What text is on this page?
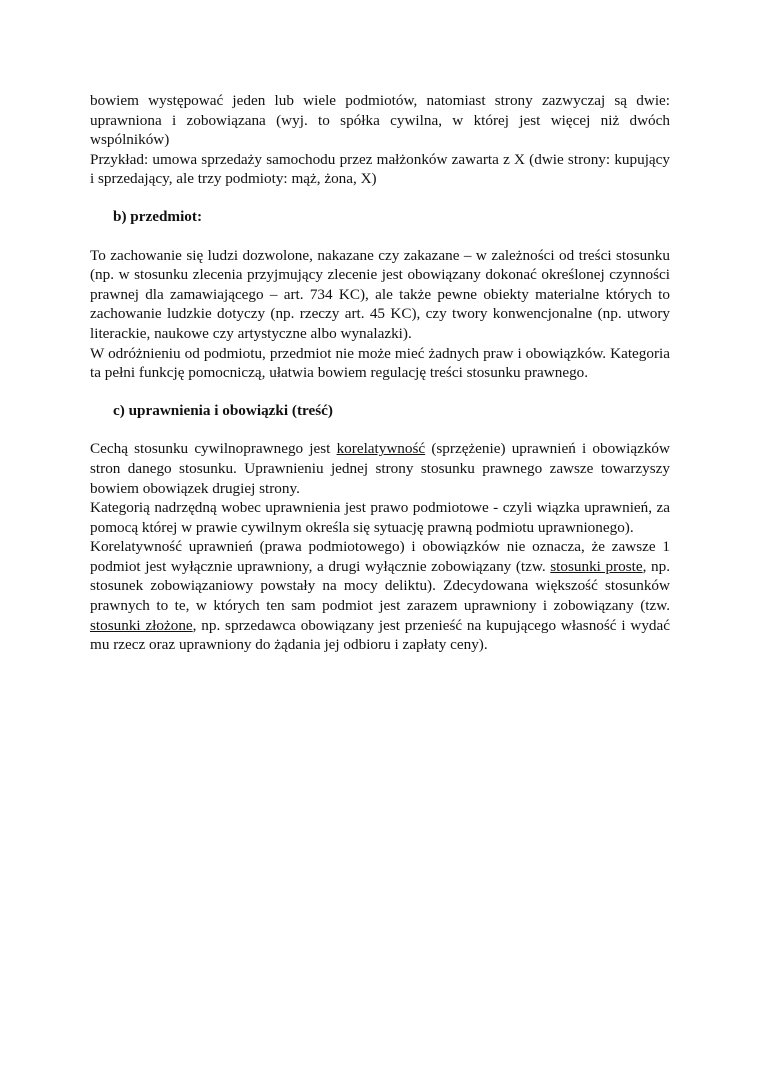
bowiem występować jeden lub wiele podmiotów, natomiast strony zazwyczaj są dwie: uprawniona i zobowiązana (wyj. to spółka cywilna, w której jest więcej niż dwóch wspólników)

Przykład: umowa sprzedaży samochodu przez małżonków zawarta z X (dwie strony: kupujący i sprzedający, ale trzy podmioty: mąż, żona, X)

b) przedmiot:

To zachowanie się ludzi dozwolone, nakazane czy zakazane – w zależności od treści stosunku (np. w stosunku zlecenia przyjmujący zlecenie jest obowiązany dokonać określonej czynności prawnej dla zamawiającego – art. 734 KC), ale także pewne obiekty materialne których to zachowanie ludzkie dotyczy (np. rzeczy art. 45 KC), czy twory konwencjonalne (np. utwory literackie, naukowe czy artystyczne albo wynalazki).

W odróżnieniu od podmiotu, przedmiot nie może mieć żadnych praw i obowiązków. Kategoria ta pełni funkcję pomocniczą, ułatwia bowiem regulację treści stosunku prawnego.

c) uprawnienia i obowiązki (treść)

Cechą stosunku cywilnoprawnego jest korelatywność (sprzężenie) uprawnień i obowiązków stron danego stosunku. Uprawnieniu jednej strony stosunku prawnego zawsze towarzyszy bowiem obowiązek drugiej strony.

Kategorią nadrzędną wobec uprawnienia jest prawo podmiotowe - czyli wiązka uprawnień, za pomocą której w prawie cywilnym określa się sytuację prawną podmiotu uprawnionego).

Korelatywność uprawnień (prawa podmiotowego) i obowiązków nie oznacza, że zawsze 1 podmiot jest wyłącznie uprawniony, a drugi wyłącznie zobowiązany (tzw. stosunki proste, np. stosunek zobowiązaniowy powstały na mocy deliktu). Zdecydowana większość stosunków prawnych to te, w których ten sam podmiot jest zarazem uprawniony i zobowiązany (tzw. stosunki złożone, np. sprzedawca obowiązany jest przenieść na kupującego własność i wydać mu rzecz oraz uprawniony do żądania jej odbioru i zapłaty ceny).
